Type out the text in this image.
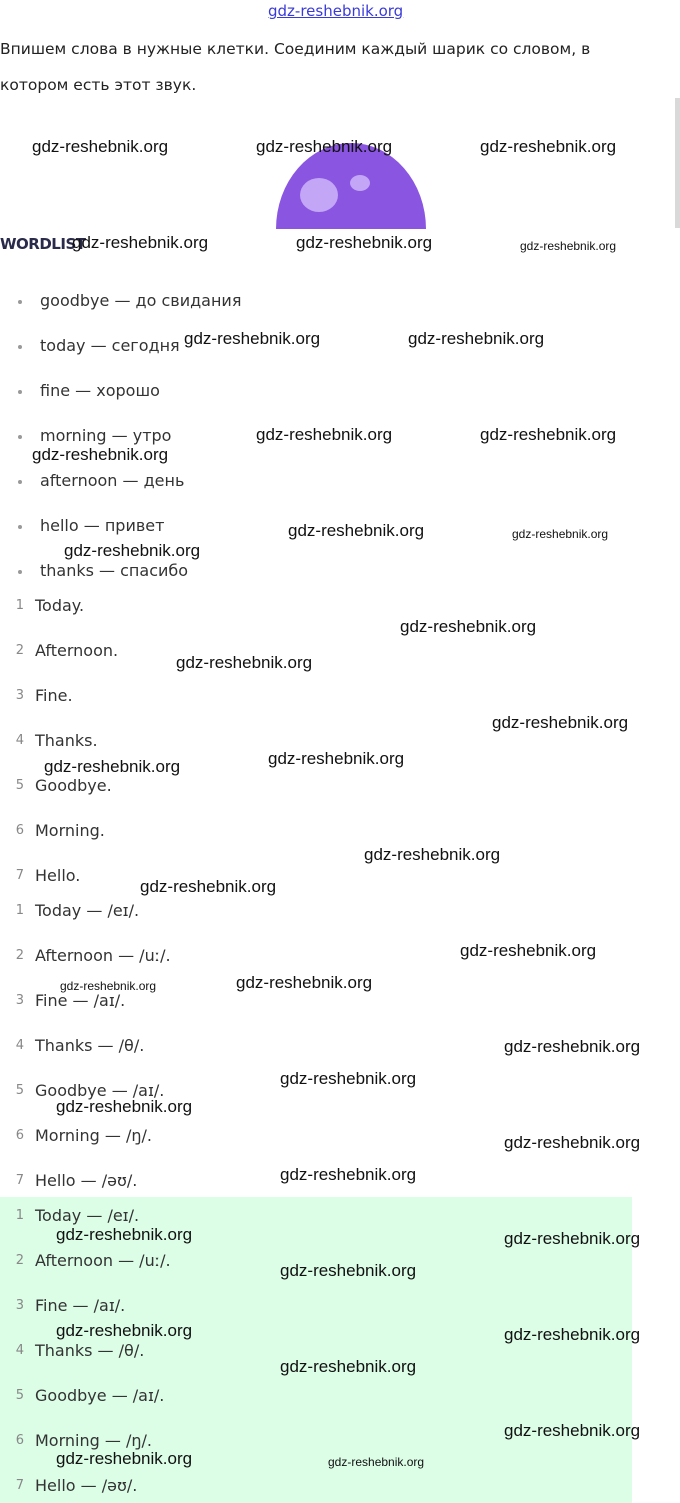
gdz-reshebnik.org
Впишем слова в нужные клетки. Соединим каждый шарик со словом, в котором есть этот звук.
WORDLIST
goodbye — до свидания
today — сегодня
fine — хорошо
morning — утро
afternoon — день
hello — привет
thanks — спасибо
1 Today.
2 Afternoon.
3 Fine.
4 Thanks.
5 Goodbye.
6 Morning.
7 Hello.
1 Today — /eɪ/.
2 Afternoon — /uː/.
3 Fine — /aɪ/.
4 Thanks — /θ/.
5 Goodbye — /aɪ/.
6 Morning — /ŋ/.
7 Hello — /əʊ/.
1 Today — /eɪ/.
2 Afternoon — /uː/.
3 Fine — /aɪ/.
4 Thanks — /θ/.
5 Goodbye — /aɪ/.
6 Morning — /ŋ/.
7 Hello — /əʊ/.
gdz-reshebnik.org	gdz-reshebnik.org	gdz-reshebnik.org
gdz-reshebnik.org	gdz-reshebnik.org	gdz-reshebnik.org
gdz-reshebnik.org	gdz-reshebnik.org
gdz-reshebnik.org	gdz-reshebnik.org
gdz-reshebnik.org
gdz-reshebnik.org	gdz-reshebnik.org
gdz-reshebnik.org
gdz-reshebnik.org
gdz-reshebnik.org
gdz-reshebnik.org
gdz-reshebnik.org
gdz-reshebnik.org
gdz-reshebnik.org
gdz-reshebnik.org
gdz-reshebnik.org
gdz-reshebnik.org
gdz-reshebnik.org
gdz-reshebnik.org
gdz-reshebnik.org
gdz-reshebnik.org
gdz-reshebnik.org
gdz-reshebnik.org
gdz-reshebnik.org	gdz-reshebnik.org
gdz-reshebnik.org
gdz-reshebnik.org	gdz-reshebnik.org
gdz-reshebnik.org
gdz-reshebnik.org
gdz-reshebnik.org	gdz-reshebnik.org
